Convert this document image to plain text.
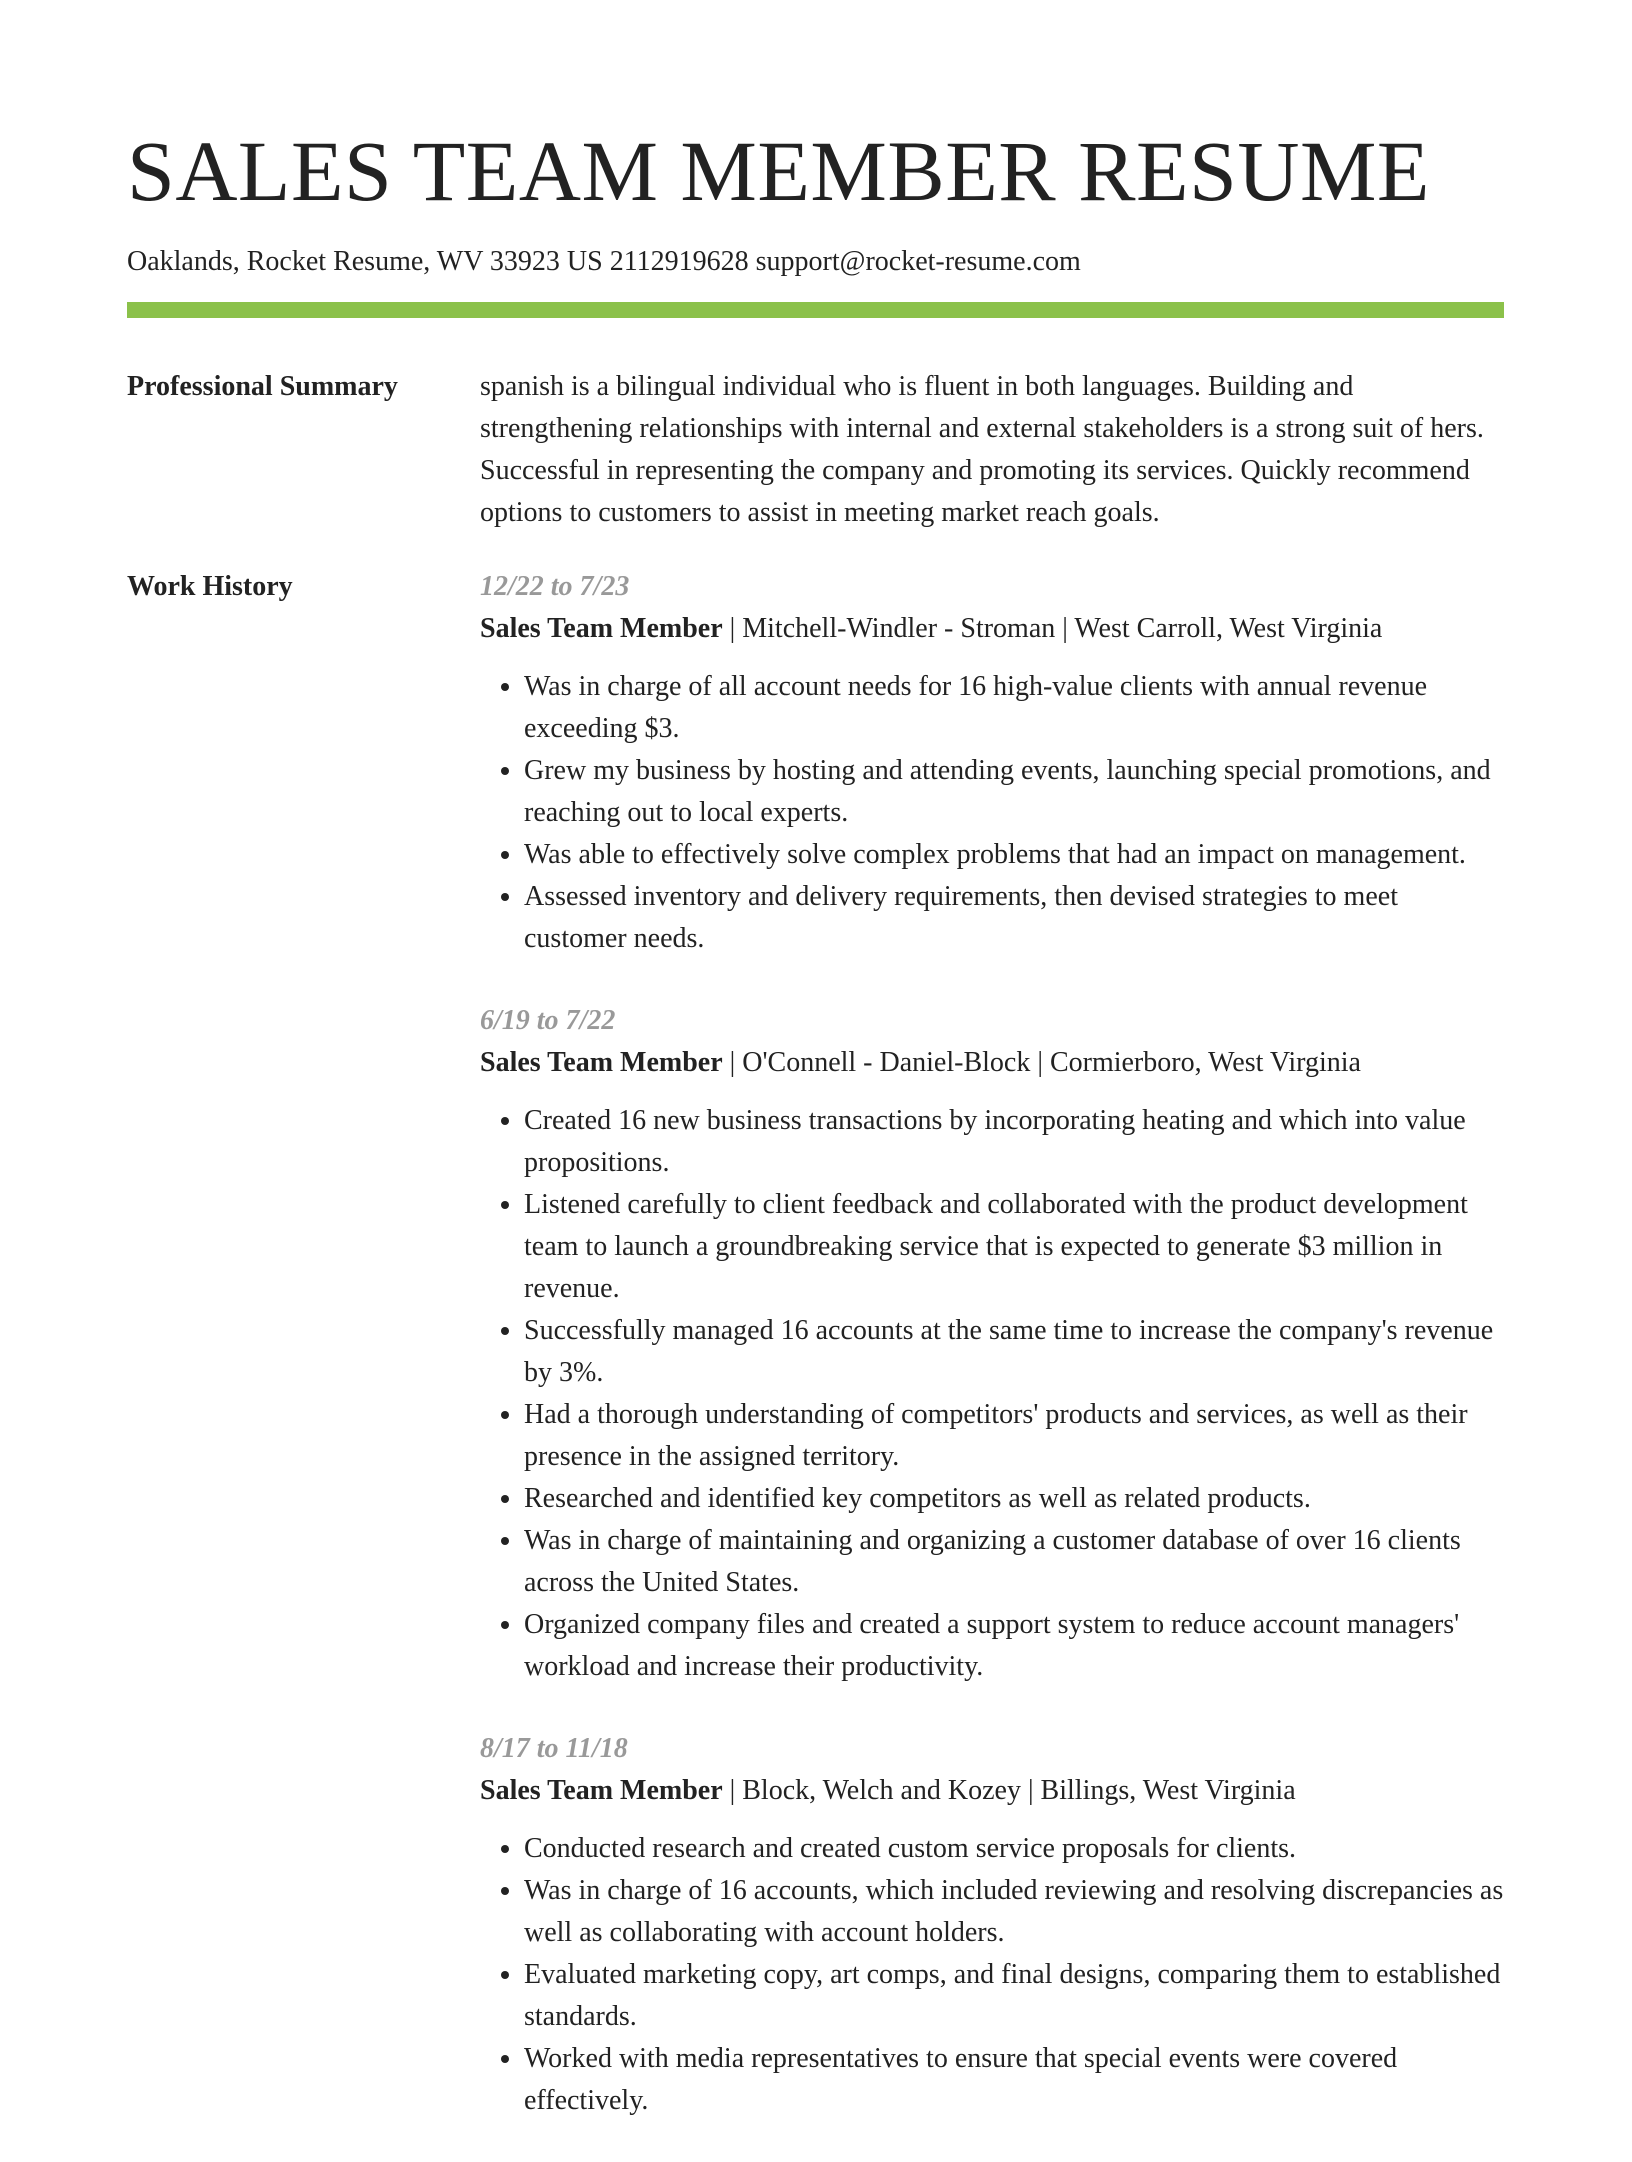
SALES TEAM MEMBER RESUME
Oaklands, Rocket Resume, WV 33923 US 2112919628 support@rocket-resume.com
Professional Summary	spanish is a bilingual individual who is fluent in both languages. Building and strengthening relationships with internal and external stakeholders is a strong suit of hers. Successful in representing the company and promoting its services. Quickly recommend options to customers to assist in meeting market reach goals.

Work History	12/22 to 7/23
Sales Team Member | Mitchell-Windler - Stroman | West Carroll, West Virginia
• Was in charge of all account needs for 16 high-value clients with annual revenue exceeding $3.
• Grew my business by hosting and attending events, launching special promotions, and reaching out to local experts.
• Was able to effectively solve complex problems that had an impact on management.
• Assessed inventory and delivery requirements, then devised strategies to meet customer needs.
6/19 to 7/22
Sales Team Member | O'Connell - Daniel-Block | Cormierboro, West Virginia
• Created 16 new business transactions by incorporating heating and which into value propositions.
• Listened carefully to client feedback and collaborated with the product development team to launch a groundbreaking service that is expected to generate $3 million in revenue.
• Successfully managed 16 accounts at the same time to increase the company's revenue by 3%.
• Had a thorough understanding of competitors' products and services, as well as their presence in the assigned territory.
• Researched and identified key competitors as well as related products.
• Was in charge of maintaining and organizing a customer database of over 16 clients across the United States.
• Organized company files and created a support system to reduce account managers' workload and increase their productivity.
8/17 to 11/18
Sales Team Member | Block, Welch and Kozey | Billings, West Virginia
• Conducted research and created custom service proposals for clients.
• Was in charge of 16 accounts, which included reviewing and resolving discrepancies as well as collaborating with account holders.
• Evaluated marketing copy, art comps, and final designs, comparing them to established standards.
• Worked with media representatives to ensure that special events were covered effectively.
